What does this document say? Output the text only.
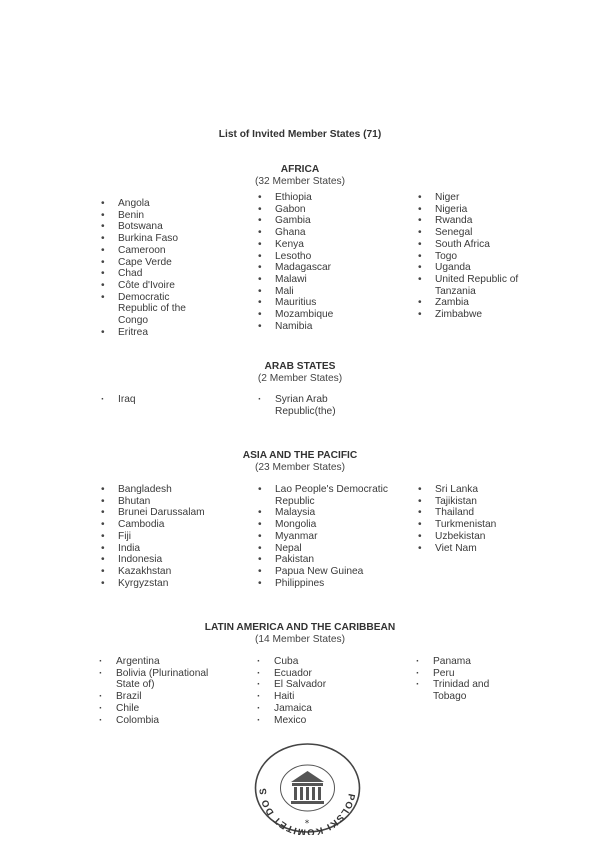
List of Invited Member States (71)
AFRICA
(32 Member States)
• Angola
• Benin
• Botswana
• Burkina Faso
• Cameroon
• Cape Verde
• Chad
• Côte d'Ivoire
• Democratic Republic of the Congo
• Eritrea
• Ethiopia
• Gabon
• Gambia
• Ghana
• Kenya
• Lesotho
• Madagascar
• Malawi
• Mali
• Mauritius
• Mozambique
• Namibia
• Niger
• Nigeria
• Rwanda
• Senegal
• South Africa
• Togo
• Uganda
• United Republic of Tanzania
• Zambia
• Zimbabwe
ARAB STATES
(2 Member States)
· Iraq	· Syrian Arab Republic(the)
ASIA AND THE PACIFIC
(23 Member States)
• Bangladesh
• Bhutan
• Brunei Darussalam
• Cambodia
• Fiji
• India
• Indonesia
• Kazakhstan
• Kyrgyzstan
• Lao People's Democratic Republic
• Malaysia
• Mongolia
• Myanmar
• Nepal
• Pakistan
• Papua New Guinea
• Philippines
• Sri Lanka
• Tajikistan
• Thailand
• Turkmenistan
• Uzbekistan
• Viet Nam
LATIN AMERICA AND THE CARIBBEAN
(14 Member States)
· Argentina
· Bolivia (Plurinational State of)
· Brazil
· Chile
· Colombia
· Cuba
· Ecuador
· El Salvador
· Haiti
· Jamaica
· Mexico
· Panama
· Peru
· Trinidad and Tobago
POLSKI KOMITET DO S
*
